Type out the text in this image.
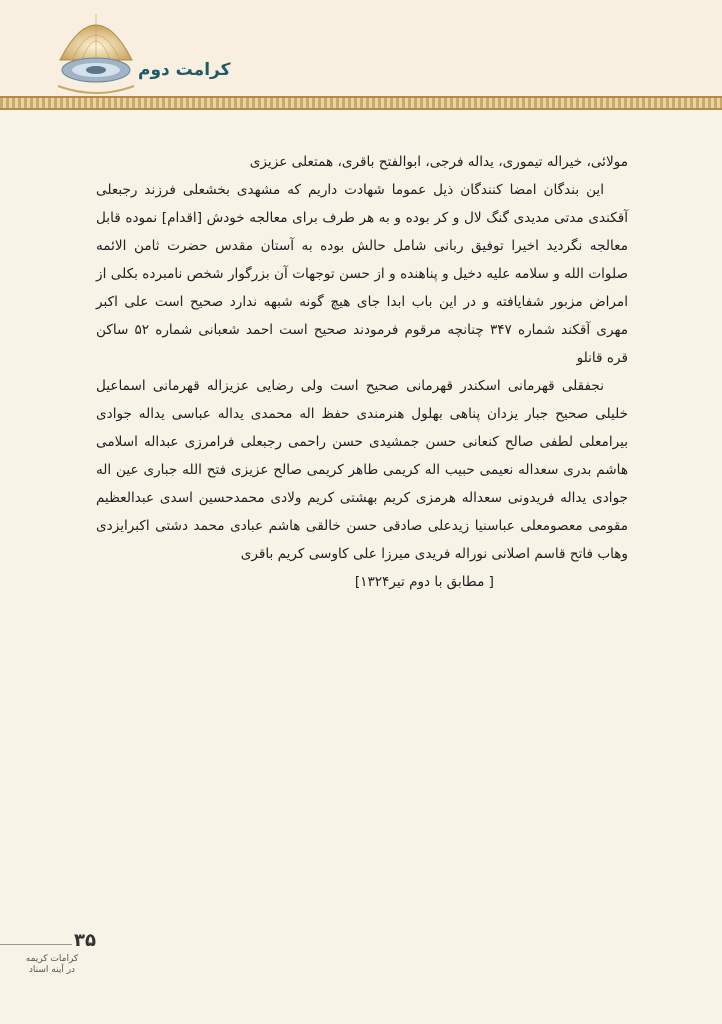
کرامت دوم

مولائی، خیراله تیموری، یداله فرجی، ابوالفتح باقری، همتعلی عزیزی

این بندگان امضا کنندگان ذیل عموما شهادت داریم که مشهدی بخشعلی فرزند رجبعلی آقکندی مدتی مدیدی گنگ لال و کر بوده و به هر طرف برای معالجه خودش [اقدام] نموده قابل معالجه نگردید اخیرا توفیق ربانی شامل حالش بوده به آستان مقدس حضرت ثامن الائمه صلوات الله و سلامه علیه دخیل و پناهنده و از حسن توجهات آن بزرگوار شخص نامبرده بکلی از امراض مزبور شفایافته و در این باب ابدا جای هیچ گونه شبهه ندارد صحیح است علی اکبر مهری آقکند شماره ۳۴۷ چنانچه مرقوم فرمودند صحیح است احمد شعبانی شماره ۵۲ ساکن قره قانلو

نجفقلی قهرمانی اسکندر قهرمانی صحیح است ولی رضایی عزیزاله قهرمانی اسماعیل خلیلی صحیح جبار یزدان پناهی بهلول هنرمندی حفظ اله محمدی یداله عباسی یداله جوادی بیرامعلی لطفی صالح کنعانی حسن جمشیدی حسن راحمی رجبعلی فرامرزی عبداله اسلامی هاشم بدری سعداله نعیمی حبیب اله کریمی طاهر کریمی صالح عزیزی فتح الله جباری عین اله جوادی یداله فریدونی سعداله هرمزی کریم بهشتی کریم ولادی محمدحسین اسدی عبدالعظیم مقومی معصومعلی عباسنیا زیدعلی صادقی حسن خالقی هاشم عبادی محمد دشتی اکبرایزدی وهاب فاتح قاسم اصلانی نوراله فریدی میرزا علی کاوسی کریم باقری

[ مطابق با دوم تیر۱۳۲۴]

۳۵
کرامات کریمه
در آینه اسناد
